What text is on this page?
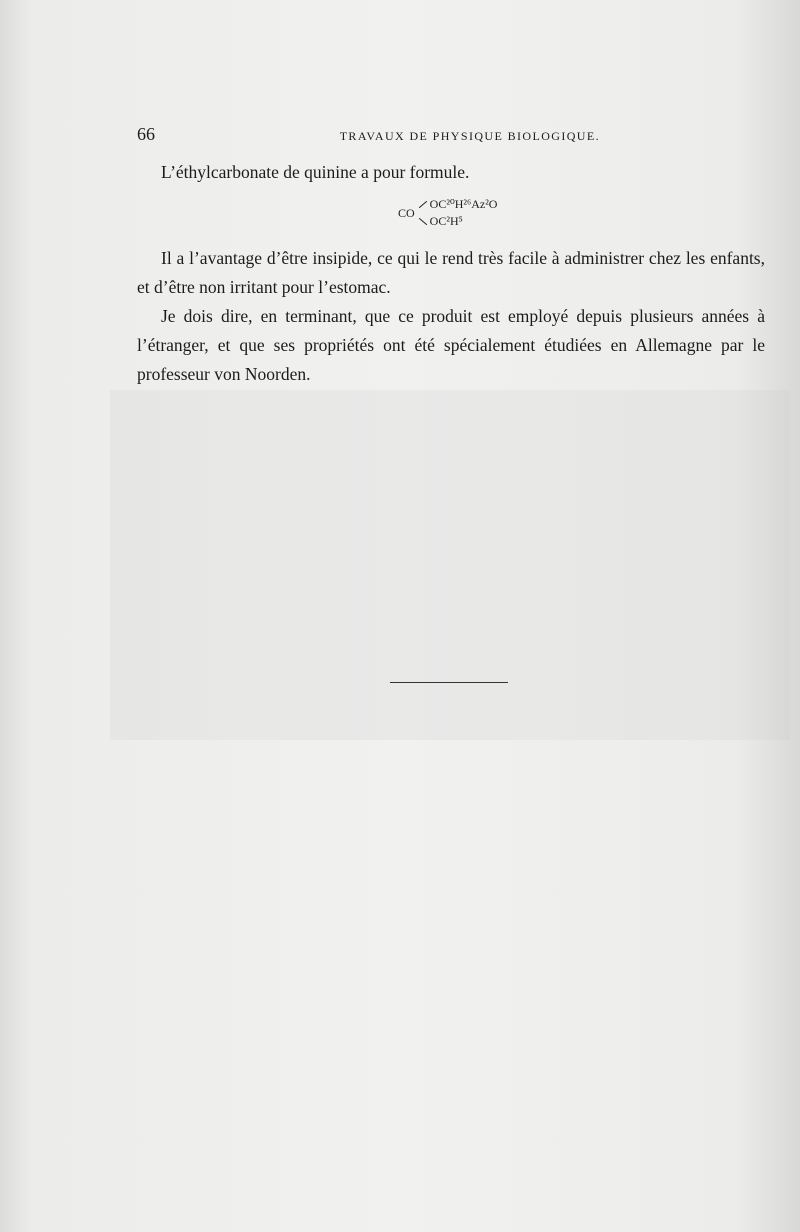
66	TRAVAUX DE PHYSIQUE BIOLOGIQUE.

L’éthylcarbonate de quinine a pour formule.

CO
OC²⁰H²⁶Az²O
OC²H⁵

Il a l’avantage d’être insipide, ce qui le rend très facile à administrer chez les enfants, et d’être non irritant pour l’estomac.

Je dois dire, en terminant, que ce produit est employé depuis plusieurs années à l’étranger, et que ses propriétés ont été spécialement étudiées en Allemagne par le professeur von Noorden.
